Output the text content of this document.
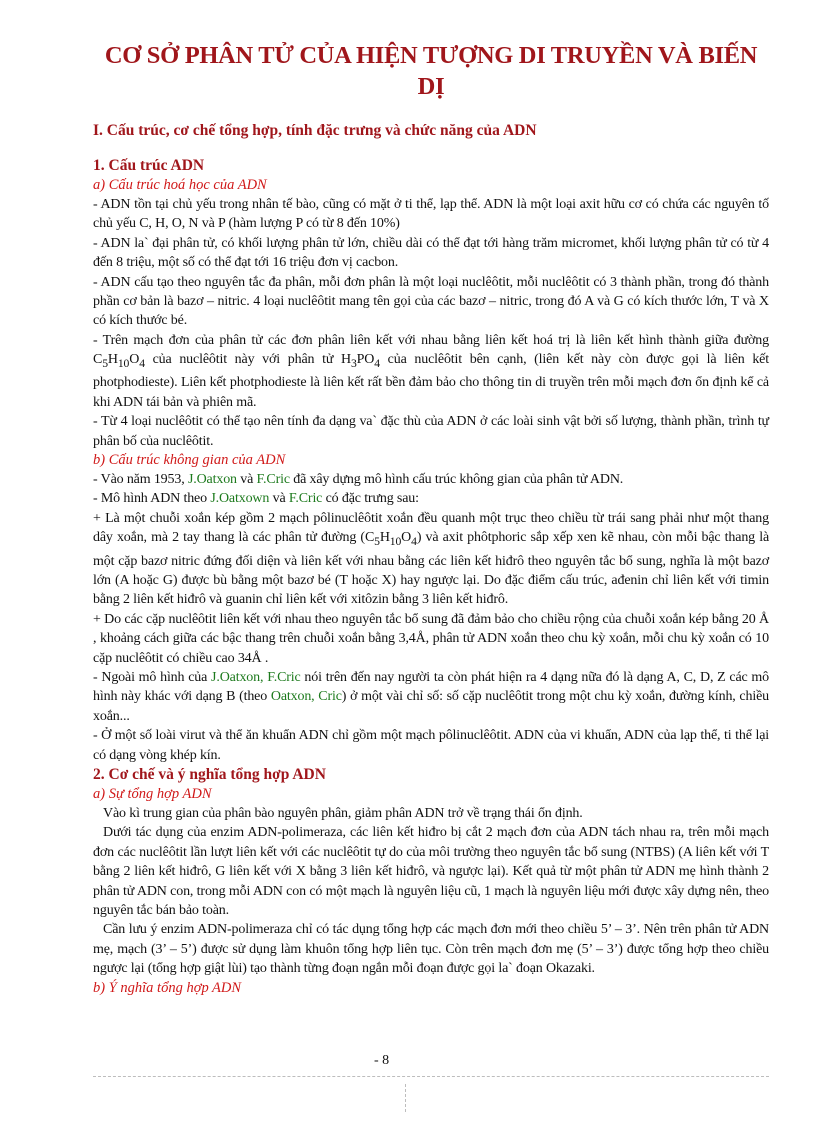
CƠ SỞ PHÂN TỬ CỦA HIỆN TƯỢNG DI TRUYỀN VÀ BIẾN DỊ
I. Cấu trúc, cơ chế tổng hợp, tính đặc trưng và chức năng của ADN
1. Cấu trúc ADN
a) Cấu trúc hoá học của ADN

- ADN tồn tại chủ yếu trong nhân tế bào, cũng có mặt ở ti thể, lạp thể. ADN là một loại axit hữu cơ có chứa các nguyên tố chủ yếu C, H, O, N và P (hàm lượng P có từ 8 đến 10%)

- ADN la` đại phân tử, có khối lượng phân tử lớn, chiều dài có thể đạt tới hàng trăm micromet, khối lượng phân tử có từ 4 đến 8 triệu, một số có thể đạt tới 16 triệu đơn vị cacbon.

- ADN cấu tạo theo nguyên tắc đa phân, mỗi đơn phân là một loại nuclêôtit, mỗi nuclêôtit có 3 thành phần, trong đó thành phần cơ bản là bazơ – nitric. 4 loại nuclêôtit mang tên gọi của các bazơ – nitric, trong đó A và G có kích thước lớn, T và X có kích thước bé.

- Trên mạch đơn của phân tử các đơn phân liên kết với nhau bằng liên kết hoá trị là liên kết hình thành giữa đường $C_5H_{10}O_4$ của nuclêôtit này với phân tử $H_3PO_4$ của nuclêôtit bên cạnh, (liên kết này còn được gọi là liên kết photphodieste). Liên kết photphodieste là liên kết rất bền đảm bảo cho thông tin di truyền trên mỗi mạch đơn ổn định kể cả khi ADN tái bản và phiên mã.

- Từ 4 loại nuclêôtit có thể tạo nên tính đa dạng va` đặc thù của ADN ở các loài sinh vật bởi số lượng, thành phần, trình tự phân bố của nuclêôtit.

b) Cấu trúc không gian của ADN

- Vào năm 1953, J.Oatxon và F.Cric đã xây dựng mô hình cấu trúc không gian của phân tử ADN.

- Mô hình ADN theo J.Oatxown và F.Cric có đặc trưng sau:

+ Là một chuỗi xoắn kép gồm 2 mạch pôlinuclêôtit xoắn đều quanh một trục theo chiều từ trái sang phải như một thang dây xoắn, mà 2 tay thang là các phân tử đường $(C_5H_{10}O_4)$ và axit phôtphoric sắp xếp xen kẽ nhau, còn mỗi bậc thang là một cặp bazơ nitric đứng đối diện và liên kết với nhau bằng các liên kết hiđrô theo nguyên tắc bổ sung, nghĩa là một bazơ lớn (A hoặc G) được bù bằng một bazơ bé (T hoặc X) hay ngược lại. Do đặc điểm cấu trúc, ađenin chỉ liên kết với timin bằng 2 liên kết hiđrô và guanin chỉ liên kết với xitôzin bằng 3 liên kết hiđrô.

+ Do các cặp nuclêôtit liên kết với nhau theo nguyên tắc bổ sung đã đảm bảo cho chiều rộng của chuỗi xoắn kép bằng 20 Å , khoảng cách giữa các bậc thang trên chuỗi xoắn bằng 3,4Å, phân tử ADN xoắn theo chu kỳ xoắn, mỗi chu kỳ xoắn có 10 cặp nuclêôtit có chiều cao 34Å .

- Ngoài mô hình của J.Oatxon, F.Cric nói trên đến nay người ta còn phát hiện ra 4 dạng nữa đó là dạng A, C, D, Z các mô hình này khác với dạng B (theo Oatxon, Cric) ở một vài chỉ số: số cặp nuclêôtit trong một chu kỳ xoắn, đường kính, chiều xoắn...

- Ở một số loài virut và thể ăn khuẩn ADN chỉ gồm một mạch pôlinuclêôtit. ADN của vi khuẩn, ADN của lạp thể, ti thể lại có dạng vòng khép kín.

2. Cơ chế và ý nghĩa tổng hợp ADN
a) Sự tổng hợp ADN

Vào kì trung gian của phân bào nguyên phân, giảm phân ADN trở về trạng thái ổn định.

Dưới tác dụng của enzim ADN-polimeraza, các liên kết hiđro bị cắt 2 mạch đơn của ADN tách nhau ra, trên mỗi mạch đơn các nuclêôtit lần lượt liên kết với các nuclêôtit tự do của môi trường theo nguyên tắc bổ sung (NTBS) (A liên kết với T bằng 2 liên kết hiđrô, G liên kết với X bằng 3 liên kết hiđrô, và ngược lại). Kết quả từ một phân tử ADN mẹ hình thành 2 phân tử ADN con, trong mỗi ADN con có một mạch là nguyên liệu cũ, 1 mạch là nguyên liệu mới được xây dựng nên, theo nguyên tắc bán bảo toàn.

Cần lưu ý enzim ADN-polimeraza chỉ có tác dụng tổng hợp các mạch đơn mới theo chiều 5’ – 3’. Nên trên phân tử ADN mẹ, mạch (3’ – 5’) được sử dụng làm khuôn tổng hợp liên tục. Còn trên mạch đơn mẹ (5’ – 3’) được tổng hợp theo chiều ngược lại (tổng hợp giật lùi) tạo thành từng đoạn ngắn mỗi đoạn được gọi la` đoạn Okazaki.

b) Ý nghĩa tổng hợp ADN
- 8
